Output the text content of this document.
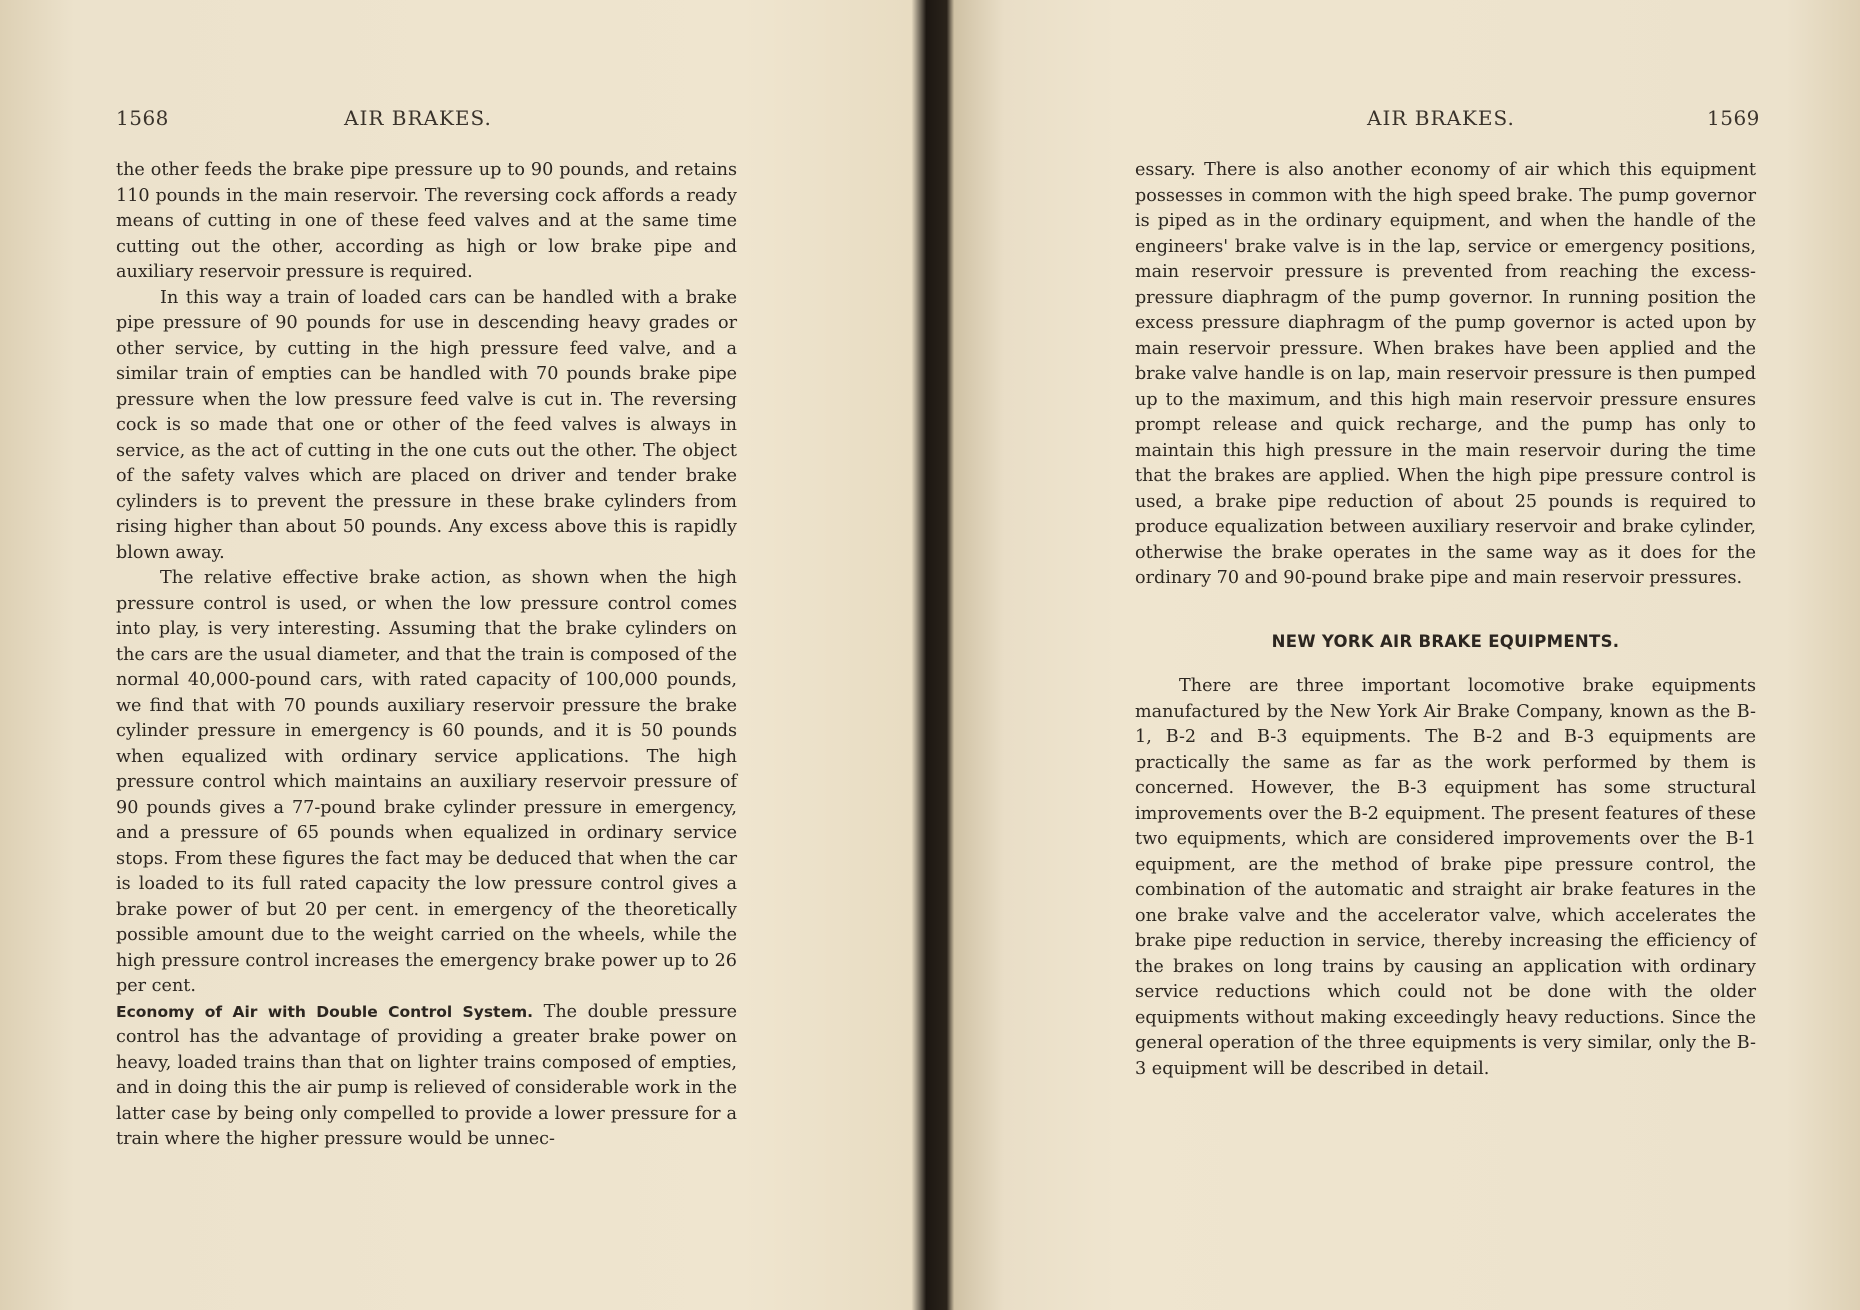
1568	AIR BRAKES.

the other feeds the brake pipe pressure up to 90 pounds, and retains 110 pounds in the main reservoir. The reversing cock affords a ready means of cutting in one of these feed valves and at the same time cutting out the other, according as high or low brake pipe and auxiliary reservoir pressure is required.

In this way a train of loaded cars can be handled with a brake pipe pressure of 90 pounds for use in descending heavy grades or other service, by cutting in the high pressure feed valve, and a similar train of empties can be handled with 70 pounds brake pipe pressure when the low pressure feed valve is cut in. The reversing cock is so made that one or other of the feed valves is always in service, as the act of cutting in the one cuts out the other. The object of the safety valves which are placed on driver and tender brake cylinders is to prevent the pressure in these brake cylinders from rising higher than about 50 pounds. Any excess above this is rapidly blown away.

The relative effective brake action, as shown when the high pressure control is used, or when the low pressure control comes into play, is very interesting. Assuming that the brake cylinders on the cars are the usual diameter, and that the train is composed of the normal 40,000-pound cars, with rated capacity of 100,000 pounds, we find that with 70 pounds auxiliary reservoir pressure the brake cylinder pressure in emergency is 60 pounds, and it is 50 pounds when equalized with ordinary service applications. The high pressure control which maintains an auxiliary reservoir pressure of 90 pounds gives a 77-pound brake cylinder pressure in emergency, and a pressure of 65 pounds when equalized in ordinary service stops. From these figures the fact may be deduced that when the car is loaded to its full rated capacity the low pressure control gives a brake power of but 20 per cent. in emergency of the theoretically possible amount due to the weight carried on the wheels, while the high pressure control increases the emergency brake power up to 26 per cent.

Economy of Air with Double Control System. The double pressure control has the advantage of providing a greater brake power on heavy, loaded trains than that on lighter trains composed of empties, and in doing this the air pump is relieved of considerable work in the latter case by being only compelled to provide a lower pressure for a train where the higher pressure would be unnec-

AIR BRAKES.	1569

essary. There is also another economy of air which this equipment possesses in common with the high speed brake. The pump governor is piped as in the ordinary equipment, and when the handle of the engineers' brake valve is in the lap, service or emergency positions, main reservoir pressure is prevented from reaching the excess-pressure diaphragm of the pump governor. In running position the excess pressure diaphragm of the pump governor is acted upon by main reservoir pressure. When brakes have been applied and the brake valve handle is on lap, main reservoir pressure is then pumped up to the maximum, and this high main reservoir pressure ensures prompt release and quick recharge, and the pump has only to maintain this high pressure in the main reservoir during the time that the brakes are applied. When the high pipe pressure control is used, a brake pipe reduction of about 25 pounds is required to produce equalization between auxiliary reservoir and brake cylinder, otherwise the brake operates in the same way as it does for the ordinary 70 and 90-pound brake pipe and main reservoir pressures.

NEW YORK AIR BRAKE EQUIPMENTS.

There are three important locomotive brake equipments manufactured by the New York Air Brake Company, known as the B-1, B-2 and B-3 equipments. The B-2 and B-3 equipments are practically the same as far as the work performed by them is concerned. However, the B-3 equipment has some structural improvements over the B-2 equipment. The present features of these two equipments, which are considered improvements over the B-1 equipment, are the method of brake pipe pressure control, the combination of the automatic and straight air brake features in the one brake valve and the accelerator valve, which accelerates the brake pipe reduction in service, thereby increasing the efficiency of the brakes on long trains by causing an application with ordinary service reductions which could not be done with the older equipments without making exceedingly heavy reductions. Since the general operation of the three equipments is very similar, only the B-3 equipment will be described in detail.
